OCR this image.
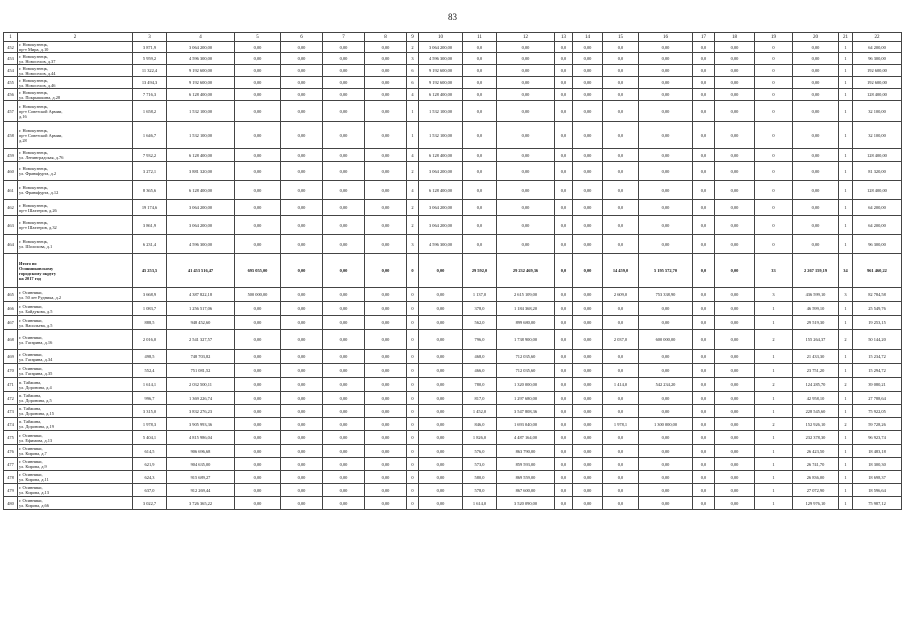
83
1	2	3	4	5	6	7	8	9	10	11	12	13	14	15	16	17	18	19	20	21	22
452	г. Новокузнецк,
пр-т Мира, д.10	3 871,9	3 064 200,00	0,00	0,00	0,00	0,00	2	3 064 200,00	0,0	0,00	0,0	0,00	0,0	0,00	0,0	0,00	0	0,00	1	64 200,00
453	г. Новокузнецк,
ул. Новоселов, д.37	5 959,2	4 596 300,00	0,00	0,00	0,00	0,00	3	4 596 300,00	0,0	0,00	0,0	0,00	0,0	0,00	0,0	0,00	0	0,00	1	96 300,00
454	г. Новокузнецк,
ул. Новоселов, д.44	11 322,4	9 192 600,00	0,00	0,00	0,00	0,00	6	9 192 600,00	0,0	0,00	0,0	0,00	0,0	0,00	0,0	0,00	0	0,00	1	192 600,00
455	г. Новокузнецк,
ул. Новоселов, д.46	13 494,3	9 192 600,00	0,00	0,00	0,00	0,00	6	9 192 600,00	0,0	0,00	0,0	0,00	0,0	0,00	0,0	0,00	0	0,00	1	192 600,00
456	г. Новокузнецк,
ул. Покрышкина, д.28	7 716,3	6 128 400,00	0,00	0,00	0,00	0,00	4	6 128 400,00	0,0	0,00	0,0	0,00	0,0	0,00	0,0	0,00	0	0,00	1	128 400,00
457	г. Новокузнецк,
пр-т Советской Армии,
д.16	1 658,2	1 532 100,00	0,00	0,00	0,00	0,00	1	1 532 100,00	0,0	0,00	0,0	0,00	0,0	0,00	0,0	0,00	0	0,00	1	32 100,00
458	г. Новокузнецк,
пр-т Советской Армии,
д.28	1 646,7	1 532 100,00	0,00	0,00	0,00	0,00	1	1 532 100,00	0,0	0,00	0,0	0,00	0,0	0,00	0,0	0,00	0	0,00	1	32 100,00
459	г. Новокузнецк,
ул. Ленинградская, д.76	7 932,2	6 128 400,00	0,00	0,00	0,00	0,00	4	6 128 400,00	0,0	0,00	0,0	0,00	0,0	0,00	0,0	0,00	0	0,00	1	128 400,00
460	г. Новокузнецк,
ул. Франкфурта, д.2	3 272,1	3 881 320,00	0,00	0,00	0,00	0,00	2	3 064 200,00	0,0	0,00	0,0	0,00	0,0	0,00	0,0	0,00	0	0,00	1	81 320,00
461	г. Новокузнецк,
ул. Франкфурта, д.12	8 365,6	6 128 400,00	0,00	0,00	0,00	0,00	4	6 128 400,00	0,0	0,00	0,0	0,00	0,0	0,00	0,0	0,00	0	0,00	1	128 400,00
462	г. Новокузнецк,
пр-т Шахтеров, д.26	19 174,6	3 064 200,00	0,00	0,00	0,00	0,00	2	3 064 200,00	0,0	0,00	0,0	0,00	0,0	0,00	0,0	0,00	0	0,00	1	64 200,00
463	г. Новокузнецк,
пр-т Шахтеров, д.32	3 861,9	3 064 200,00	0,00	0,00	0,00	0,00	2	3 064 200,00	0,0	0,00	0,0	0,00	0,0	0,00	0,0	0,00	0	0,00	1	64 200,00
464	г. Новокузнецк,
ул. Шолохова, д.1	6 231,4	4 596 300,00	0,00	0,00	0,00	0,00	3	4 596 300,00	0,0	0,00	0,0	0,00	0,0	0,00	0,0	0,00	0	0,00	1	96 300,00
	Итого по
Осинниковскому
городскому округу
на 2017 год	45 253,5	41 453 516,47	695 055,00	0,00	0,00	0,00	0	0,00	29 592,0	29 232 469,36	0,0	0,00	14 459,0	5 195 572,70	0,0	0,00	33	2 267 159,19	34	961 460,22
465	г. Осинники,
ул. 50 лет Рудника, д.2	3 668,9	4 387 822,18	500 000,00	0,00	0,00	0,00	0	0,00	1 137,0	2 615 109,00	0,0	0,00	2 609,0	753 338,90	0,0	0,00	3	436 599,10	3	82 784,58
466	г. Осинники,
ул. Байдукова, д.5	1 083,7	1 256 517,06	0,00	0,00	0,00	0,00	0	0,00	378,0	1 184 368,20	0,0	0,00	0,0	0,00	0,0	0,00	1	46 599,10	1	25 549,76
467	г. Осинники,
ул. Васильева, д.5	888,5	948 452,60	0,00	0,00	0,00	0,00	0	0,00	562,0	899 680,00	0,0	0,00	0,0	0,00	0,0	0,00	1	29 519,30	1	19 253,15
468	г. Осинники,
ул. Гагарина, д.16	2 016,0	2 541 327,57	0,00	0,00	0,00	0,00	0	0,00	796,0	1 738 900,00	0,0	0,00	2 037,0	600 000,00	0,0	0,00	2	155 264,37	2	50 144,20
469	г. Осинники,
ул. Гагарина, д.34	498,5	748 703,82	0,00	0,00	0,00	0,00	0	0,00	468,0	712 035,60	0,0	0,00	0,0	0,00	0,0	0,00	1	21 433,30	1	15 234,72
470	г. Осинники,
ул. Гагарина, д.35	552,4	751 081,52	0,00	0,00	0,00	0,00	0	0,00	466,0	712 035,60	0,0	0,00	0,0	0,00	0,0	0,00	1	23 751,20	1	15 294,72
471	п. Тайжина,
ул. Доронина, д.4	1 614,1	2 032 500,11	0,00	0,00	0,00	0,00	0	0,00	780,0	1 320 000,00	0,0	0,00	1 414,0	542 234,20	0,0	0,00	2	124 285,70	2	39 080,21
472	п. Тайжина,
ул. Доронина, д.5	996,7	1 369 226,74	0,00	0,00	0,00	0,00	0	0,00	817,0	1 297 680,00	0,0	0,00	0,0	0,00	0,0	0,00	1	42 958,10	1	27 788,64
473	п. Тайжина,
ул. Доронина, д.15	3 315,0	3 832 276,23	0,00	0,00	0,00	0,00	0	0,00	1 452,0	3 547 808,36	0,0	0,00	0,0	0,00	0,0	0,00	1	228 545,60	1	75 922,05
474	п. Тайжина,
ул. Доронина, д.19	1 978,3	3 905 993,36	0,00	0,00	0,00	0,00	0	0,00	846,0	1 693 040,00	0,0	0,00	1 978,1	1 300 000,00	0,0	0,00	2	152 926,10	2	59 728,26
475	г. Осинники,
ул. Ефимова, д.13	5 404,1	4 815 986,04	0,00	0,00	0,00	0,00	0	0,00	1 826,0	4 487 164,00	0,0	0,00	0,0	0,00	0,0	0,00	1	232 378,30	1	96 923,74
476	г. Осинники,
ул. Кирова, д.7	614,5	906 696,68	0,00	0,00	0,00	0,00	0	0,00	576,0	863 790,00	0,0	0,00	0,0	0,00	0,0	0,00	1	26 423,50	1	18 483,18
477	г. Осинники,
ул. Кирова, д.9	621,9	904 635,00	0,00	0,00	0,00	0,00	0	0,00	573,0	859 593,00	0,0	0,00	0,0	0,00	0,0	0,00	1	26 741,70	1	18 300,30
478	г. Осинники,
ул. Кирова, д.11	624,3	915 689,27	0,00	0,00	0,00	0,00	0	0,00	580,0	869 559,00	0,0	0,00	0,0	0,00	0,0	0,00	1	26 836,00	1	18 698,37
479	г. Осинники,
ул. Кирова, д.13	637,0	912 269,44	0,00	0,00	0,00	0,00	0	0,00	578,0	867 600,00	0,0	0,00	0,0	0,00	0,0	0,00	1	27 072,90	1	18 596,64
480	г. Осинники,
ул. Кирова, д.66	3 022,7	3 726 365,22	0,00	0,00	0,00	0,00	0	0,00	1 614,0	3 520 090,00	0,0	0,00	0,0	0,00	0,0	0,00	1	129 976,10	1	75 987,12
